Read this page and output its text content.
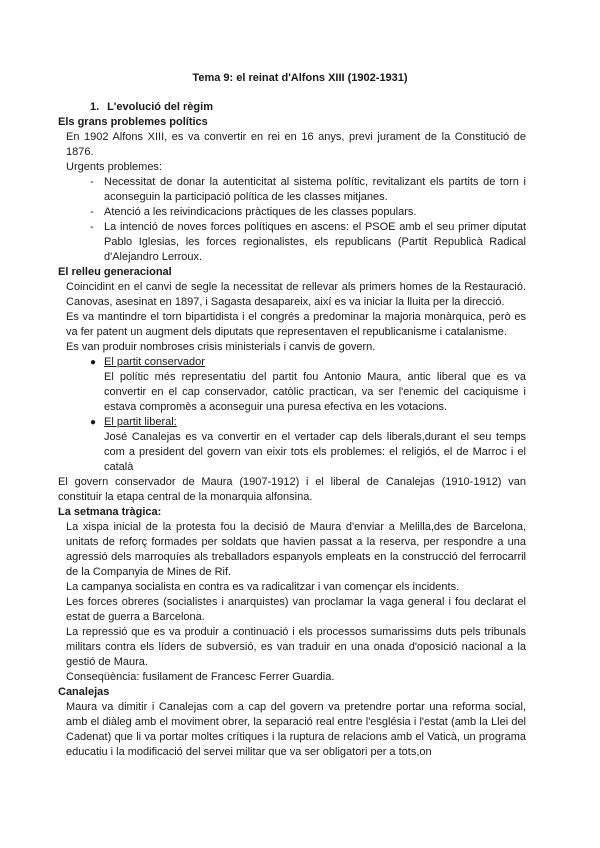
Tema 9: el reinat d'Alfons XIII (1902-1931)
1. L'evolució del règim
Els grans problemes polítics

En 1902 Alfons XIII, es va convertir en rei en 16 anys, previ jurament de la Constitució de 1876.

Urgents problemes:

- Necessitat de donar la autenticitat al sistema polític, revitalizant els partits de torn i aconseguin la participació política de les classes mitjanes.
- Atenció a les reivindicacions pràctiques de les classes populars.
- La intenció de noves forces polítiques en ascens: el PSOE amb el seu primer diputat Pablo Iglesias, les forces regionalistes, els republicans (Partit Republicà Radical d'Alejandro Lerroux.
El relleu generacional

Coincidint en el canvi de segle la necessitat de rellevar als primers homes de la Restauració. Canovas, asesinat en 1897, i Sagasta desapareix, així es va iniciar la lluita per la direcció.

Es va mantindre el torn bipartidista i el congrés a predominar la majoria monàrquica, però es va fer patent un augment dels diputats que representaven el republicanisme i catalanisme.

Es van produir nombroses crisis ministerials i canvis de govern.

● El partit conservador
El polític més representatiu del partit fou Antonio Maura, antic liberal que es va convertir en el cap conservador, catòlic practican, va ser l'enemic del caciquisme i estava compromès a aconseguir una puresa efectiva en les votacions.
● El partit liberal:
José Canalejas es va convertir en el vertader cap dels liberals,durant el seu temps com a president del govern van eixir tots els problemes: el religiós, el de Marroc i el català

El govern conservador de Maura (1907-1912) i el liberal de Canalejas (1910-1912) van constituir la etapa central de la monarquia alfonsina.

La setmana tràgica:

La xispa inicial de la protesta fou la decisió de Maura d'enviar a Melilla,des de Barcelona, unitats de reforç formades per soldats que havien passat a la reserva, per respondre a una agressió dels marroquíes als treballadors espanyols empleats en la construcció del ferrocarril de la Companyia de Mines de Rif.

La campanya socialista en contra es va radicalitzar i van començar els incidents.

Les forces obreres (socialistes i anarquistes) van proclamar la vaga general i fou declarat el estat de guerra a Barcelona.

La repressió que es va produir a continuació i els processos sumarissims duts pels tribunals militars contra els líders de subversió, es van traduir en una onada d'oposició nacional a la gestió de Maura.

Conseqüència: fusilament de Francesc Ferrer Guardia.

Canalejas

Maura va dimitir i Canalejas com a cap del govern va pretendre portar una reforma social, amb el diàleg amb el moviment obrer, la separació real entre l'església i l'estat (amb la Llei del Cadenat) que li va portar moltes crítiques i la ruptura de relacions amb el Vaticà, un programa educatiu i la modificació del servei militar que va ser obligatori per a tots,on
